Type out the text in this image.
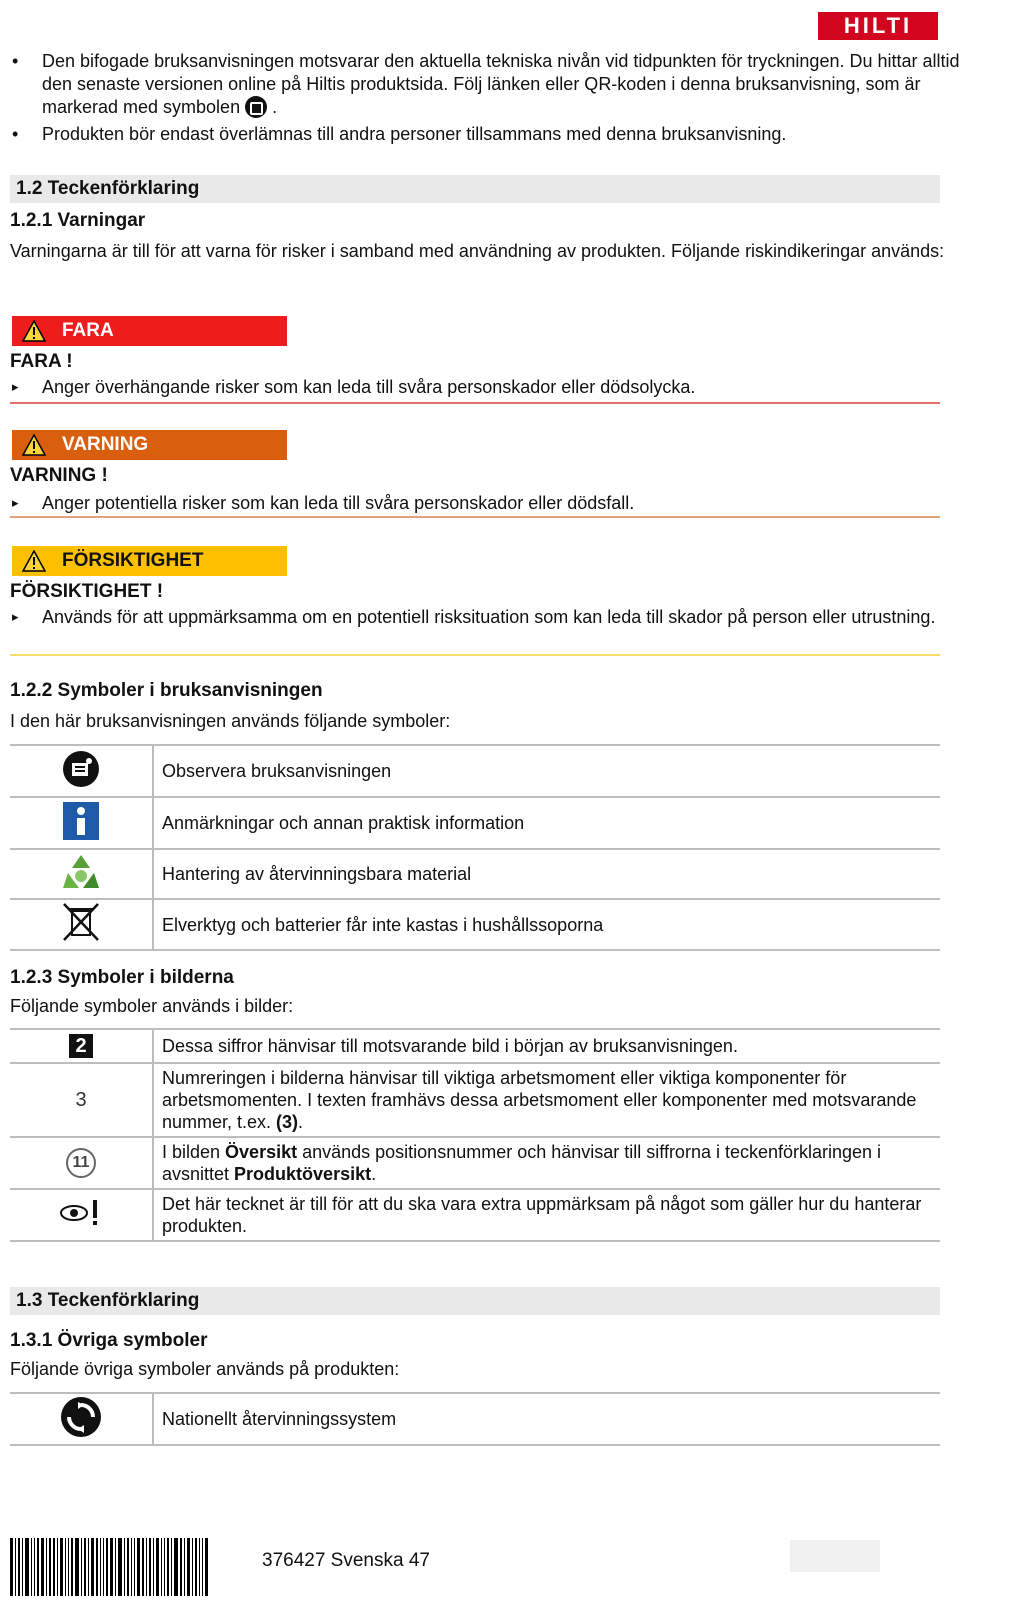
HILTI
• Den bifogade bruksanvisningen motsvarar den aktuella tekniska nivån vid tidpunkten för tryckningen. Du hittar alltid den senaste versionen online på Hiltis produktsida. Följ länken eller QR-koden i denna bruksanvisning, som är markerad med symbolen .
• Produkten bör endast överlämnas till andra personer tillsammans med denna bruksanvisning.
1.2 Teckenförklaring
1.2.1 Varningar
Varningarna är till för att varna för risker i samband med användning av produkten. Följande riskindikeringar används:
FARA
FARA !
▸ Anger överhängande risker som kan leda till svåra personskador eller dödsolycka.
VARNING
VARNING !
▸ Anger potentiella risker som kan leda till svåra personskador eller dödsfall.
FÖRSIKTIGHET
FÖRSIKTIGHET !
▸ Används för att uppmärksamma om en potentiell risksituation som kan leda till skador på person eller utrustning.
1.2.2 Symboler i bruksanvisningen
I den här bruksanvisningen används följande symboler:
	Observera bruksanvisningen
	Anmärkningar och annan praktisk information
	Hantering av återvinningsbara material
	Elverktyg och batterier får inte kastas i hushållssoporna
1.2.3 Symboler i bilderna
Följande symboler används i bilder:
2	Dessa siffror hänvisar till motsvarande bild i början av bruksanvisningen.
3	Numreringen i bilderna hänvisar till viktiga arbetsmoment eller viktiga komponenter för arbetsmomenten. I texten framhävs dessa arbetsmoment eller komponenter med motsvarande nummer, t.ex. (3).
11	I bilden Översikt används positionsnummer och hänvisar till siffrorna i teckenförklaringen i avsnittet Produktöversikt.
	Det här tecknet är till för att du ska vara extra uppmärksam på något som gäller hur du hanterar produkten.
1.3 Teckenförklaring
1.3.1 Övriga symboler
Följande övriga symboler används på produkten:
	Nationellt återvinningssystem
376427 Svenska 47
